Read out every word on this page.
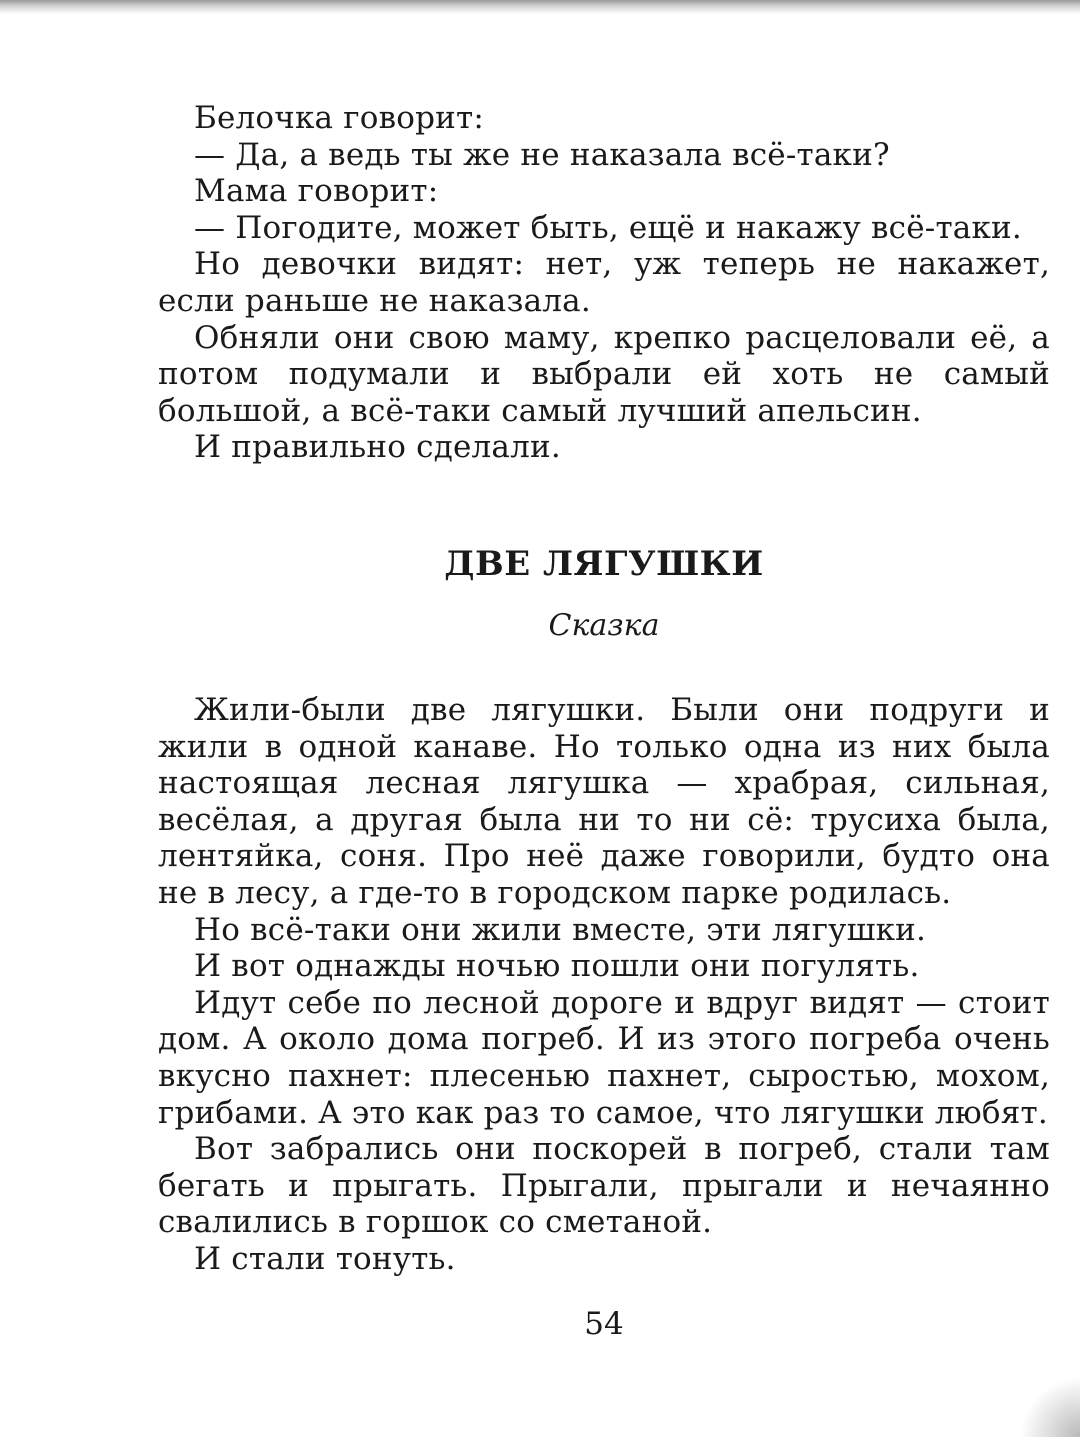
Белочка говорит:

— Да, а ведь ты же не наказала всё-таки?

Мама говорит:

— Погодите, может быть, ещё и накажу всё-таки.

Но девочки видят: нет, уж теперь не накажет, если раньше не наказала.

Обняли они свою маму, крепко расцеловали её, а потом подумали и выбрали ей хоть не самый большой, а всё-таки самый лучший апельсин.

И правильно сделали.

ДВЕ ЛЯГУШКИ

Сказка

Жили-были две лягушки. Были они подруги и жили в одной канаве. Но только одна из них была настоящая лесная лягушка — храбрая, сильная, весёлая, а другая была ни то ни сё: трусиха была, лентяйка, соня. Про неё даже говорили, будто она не в лесу, а где-то в городском парке родилась.

Но всё-таки они жили вместе, эти лягушки.

И вот однажды ночью пошли они погулять.

Идут себе по лесной дороге и вдруг видят — стоит дом. А около дома погреб. И из этого погреба очень вкусно пахнет: плесенью пахнет, сыростью, мохом, грибами. А это как раз то самое, что лягушки любят.

Вот забрались они поскорей в погреб, стали там бегать и прыгать. Прыгали, прыгали и нечаянно свалились в горшок со сметаной.

И стали тонуть.

54
